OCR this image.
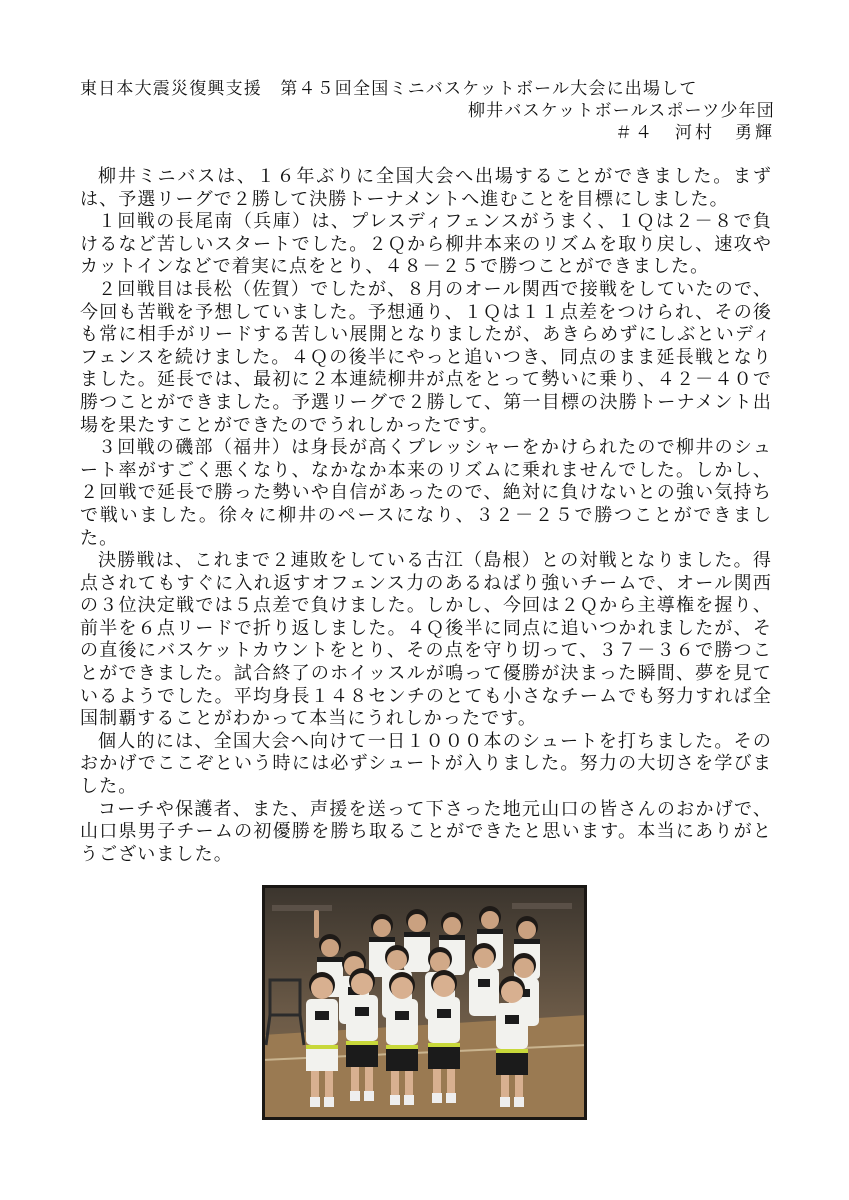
東日本大震災復興支援　第４５回全国ミニバスケットボール大会に出場して
柳井バスケットボールスポーツ少年団
＃４　河村　勇輝

柳井ミニバスは、１６年ぶりに全国大会へ出場することができました。まずは、予選リーグで２勝して決勝トーナメントへ進むことを目標にしました。

１回戦の長尾南（兵庫）は、プレスディフェンスがうまく、１Ｑは２－８で負けるなど苦しいスタートでした。２Ｑから柳井本来のリズムを取り戻し、速攻やカットインなどで着実に点をとり、４８－２５で勝つことができました。

２回戦目は長松（佐賀）でしたが、８月のオール関西で接戦をしていたので、今回も苦戦を予想していました。予想通り、１Ｑは１１点差をつけられ、その後も常に相手がリードする苦しい展開となりましたが、あきらめずにしぶといディフェンスを続けました。４Ｑの後半にやっと追いつき、同点のまま延長戦となりました。延長では、最初に２本連続柳井が点をとって勢いに乗り、４２－４０で勝つことができました。予選リーグで２勝して、第一目標の決勝トーナメント出場を果たすことができたのでうれしかったです。

３回戦の磯部（福井）は身長が高くプレッシャーをかけられたので柳井のシュート率がすごく悪くなり、なかなか本来のリズムに乗れませんでした。しかし、２回戦で延長で勝った勢いや自信があったので、絶対に負けないとの強い気持ちで戦いました。徐々に柳井のペースになり、３２－２５で勝つことができました。

決勝戦は、これまで２連敗をしている古江（島根）との対戦となりました。得点されてもすぐに入れ返すオフェンス力のあるねばり強いチームで、オール関西の３位決定戦では５点差で負けました。しかし、今回は２Ｑから主導権を握り、前半を６点リードで折り返しました。４Ｑ後半に同点に追いつかれましたが、その直後にバスケットカウントをとり、その点を守り切って、３７－３６で勝つことができました。試合終了のホイッスルが鳴って優勝が決まった瞬間、夢を見ているようでした。平均身長１４８センチのとても小さなチームでも努力すれば全国制覇することがわかって本当にうれしかったです。

個人的には、全国大会へ向けて一日１０００本のシュートを打ちました。そのおかげでここぞという時には必ずシュートが入りました。努力の大切さを学びました。

コーチや保護者、また、声援を送って下さった地元山口の皆さんのおかげで、山口県男子チームの初優勝を勝ち取ることができたと思います。本当にありがとうございました。
